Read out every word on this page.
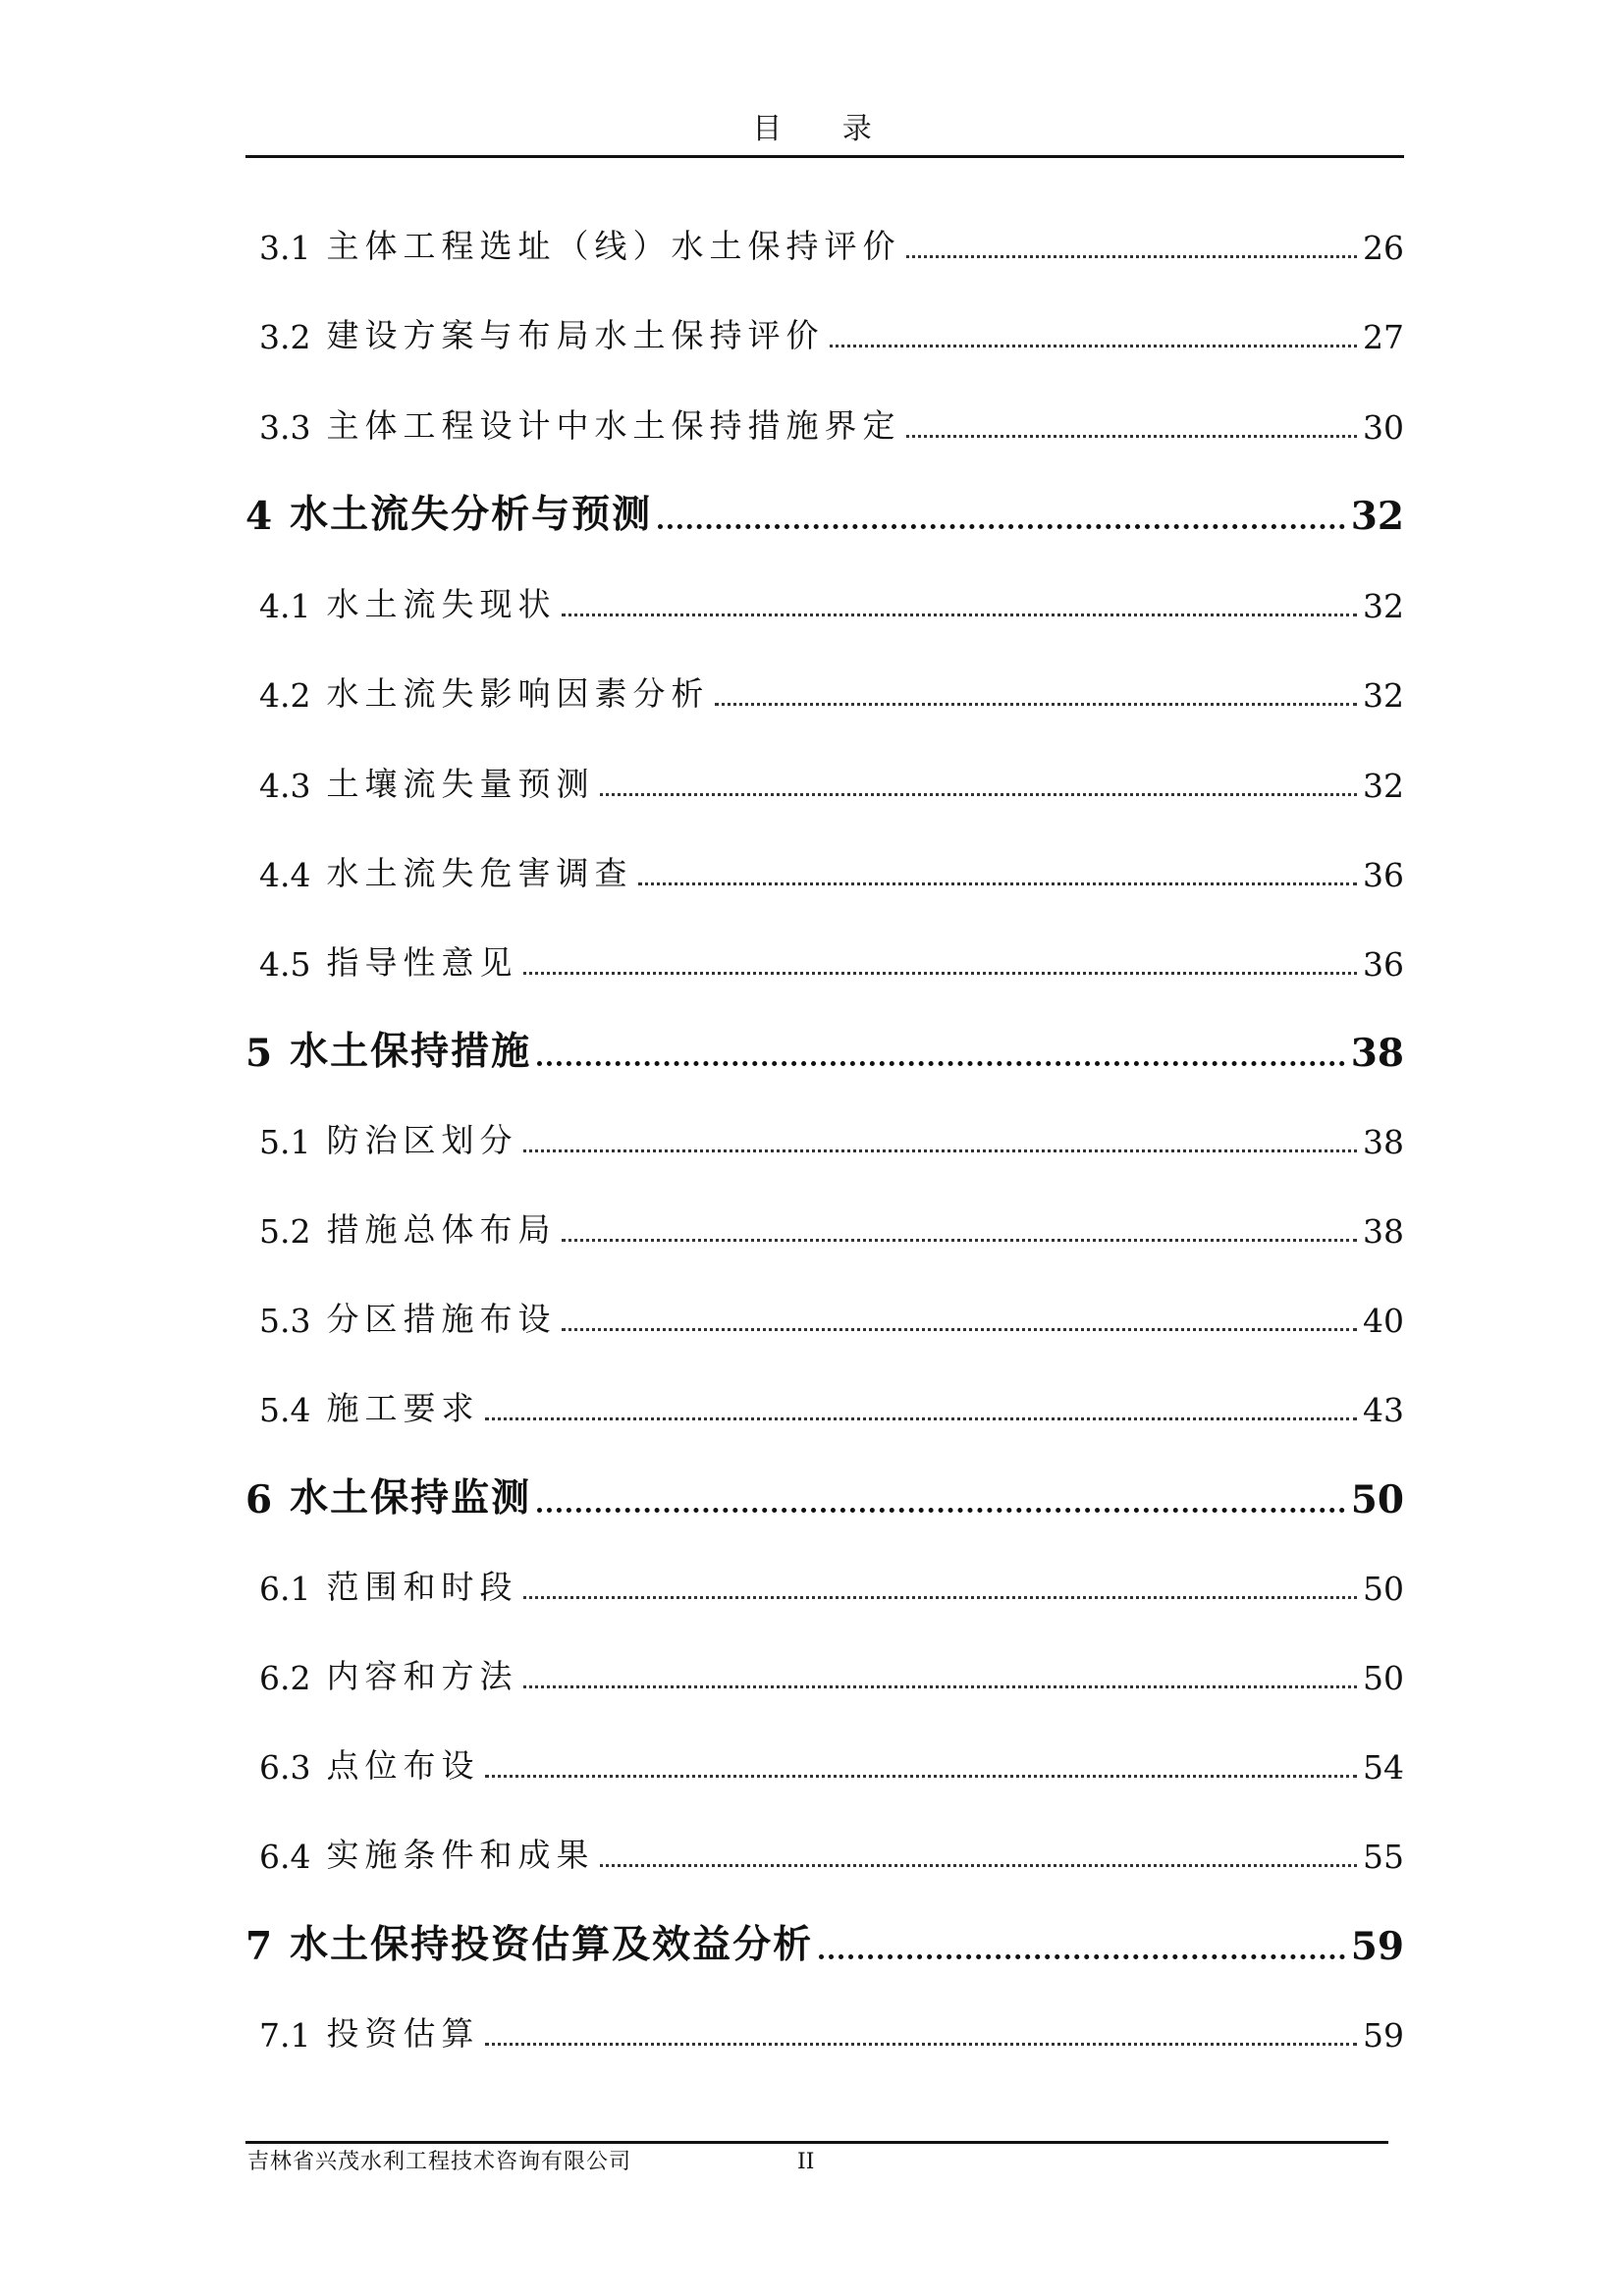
目 录
3.1 主体工程选址（线）水土保持评价	26
3.2 建设方案与布局水土保持评价	27
3.3 主体工程设计中水土保持措施界定	30
4 水土流失分析与预测	32
4.1 水土流失现状	32
4.2 水土流失影响因素分析	32
4.3 土壤流失量预测	32
4.4 水土流失危害调查	36
4.5 指导性意见	36
5 水土保持措施	38
5.1 防治区划分	38
5.2 措施总体布局	38
5.3 分区措施布设	40
5.4 施工要求	43
6 水土保持监测	50
6.1 范围和时段	50
6.2 内容和方法	50
6.3 点位布设	54
6.4 实施条件和成果	55
7 水土保持投资估算及效益分析	59
7.1 投资估算	59
吉林省兴茂水利工程技术咨询有限公司	II
